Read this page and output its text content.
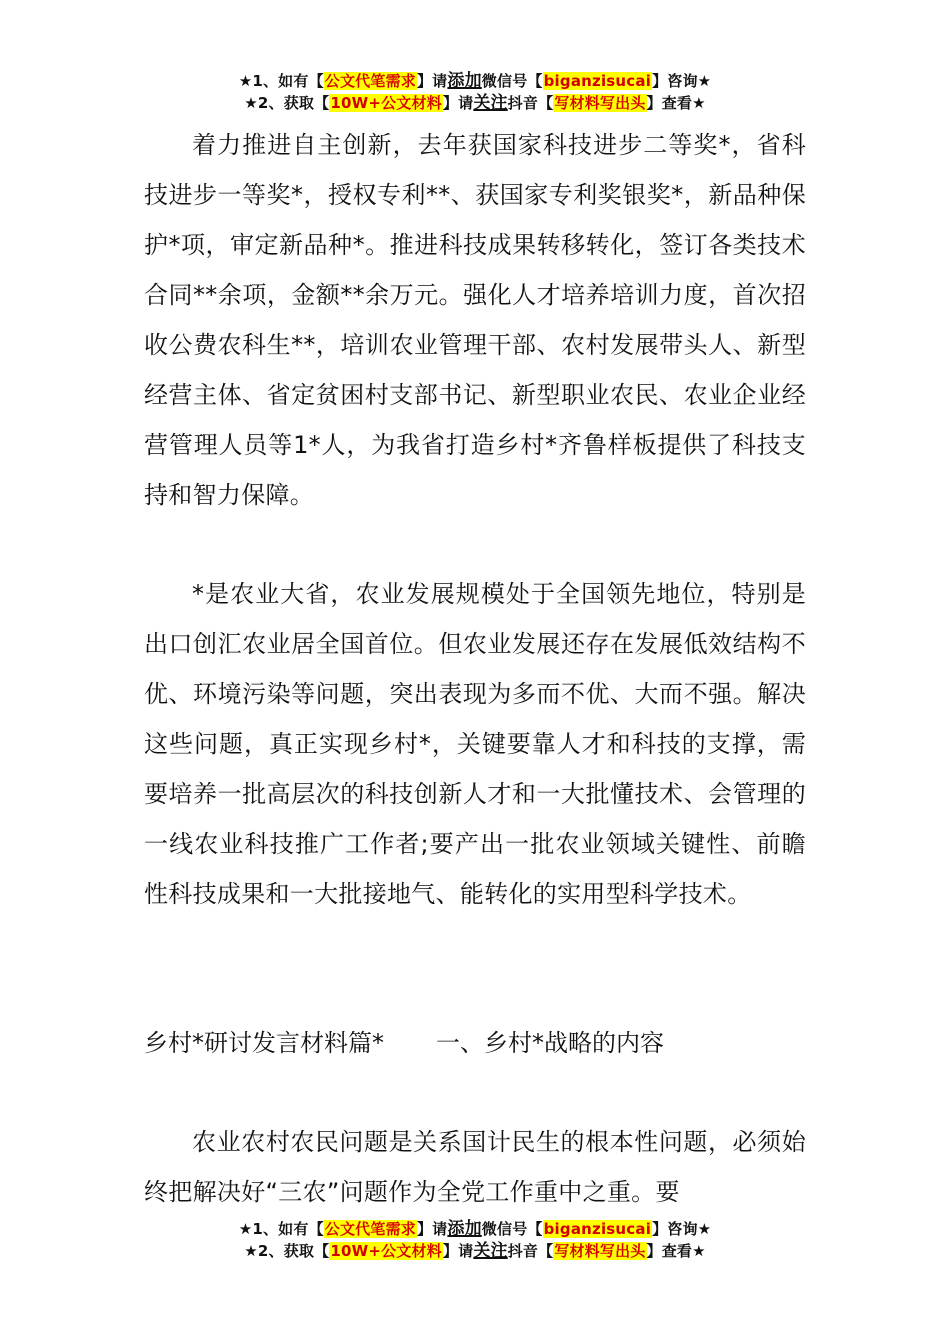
★1、如有【公文代笔需求】请添加微信号【biganzisucai】咨询★
★2、获取【10W+公文材料】请关注抖音【写材料写出头】查看★

着力推进自主创新，去年获国家科技进步二等奖*，省科技进步一等奖*，授权专利**、获国家专利奖银奖*，新品种保护*项，审定新品种*。推进科技成果转移转化，签订各类技术合同**余项，金额**余万元。强化人才培养培训力度，首次招收公费农科生**，培训农业管理干部、农村发展带头人、新型经营主体、省定贫困村支部书记、新型职业农民、农业企业经营管理人员等1*人，为我省打造乡村*齐鲁样板提供了科技支持和智力保障。

*是农业大省，农业发展规模处于全国领先地位，特别是出口创汇农业居全国首位。但农业发展还存在发展低效结构不优、环境污染等问题，突出表现为多而不优、大而不强。解决这些问题，真正实现乡村*，关键要靠人才和科技的支撑，需要培养一批高层次的科技创新人才和一大批懂技术、会管理的一线农业科技推广工作者;要产出一批农业领域关键性、前瞻性科技成果和一大批接地气、能转化的实用型科学技术。

乡村*研讨发言材料篇* 一、乡村*战略的内容

农业农村农民问题是关系国计民生的根本性问题，必须始终把解决好“三农”问题作为全党工作重中之重。要

★1、如有【公文代笔需求】请添加微信号【biganzisucai】咨询★
★2、获取【10W+公文材料】请关注抖音【写材料写出头】查看★
